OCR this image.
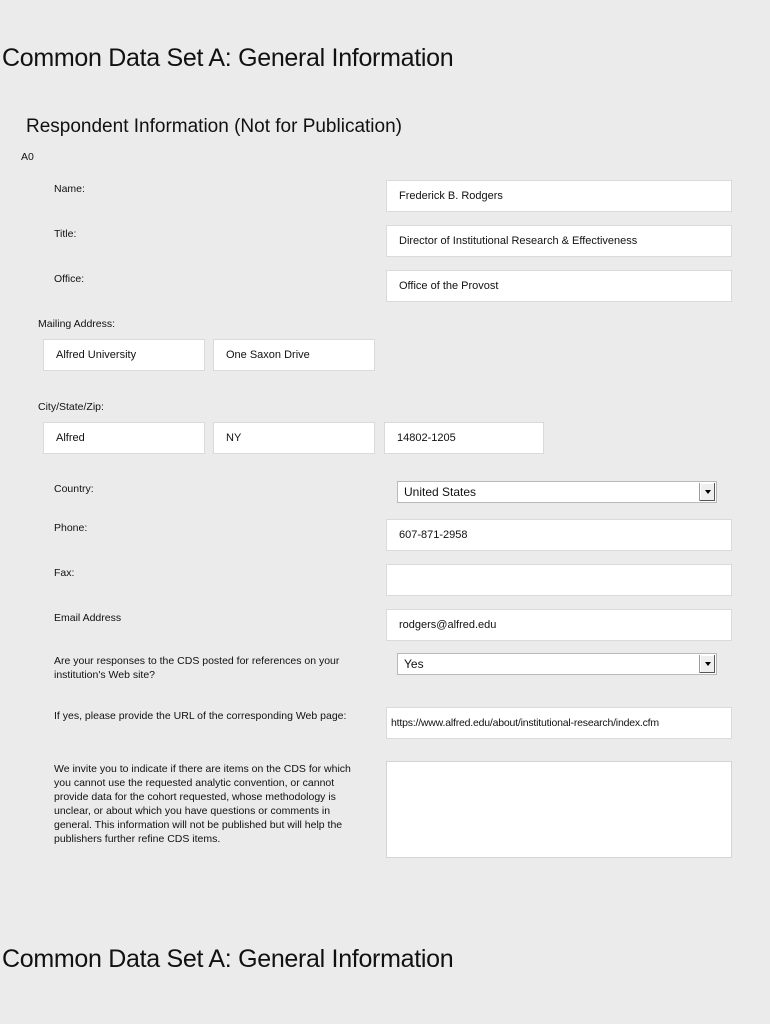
Common Data Set A: General Information
Respondent Information (Not for Publication)
A0
Name:
Frederick B. Rodgers
Title:
Director of Institutional Research & Effectiveness
Office:
Office of the Provost
Mailing Address:
Alfred University	One Saxon Drive
City/State/Zip:
Alfred	NY	14802-1205
Country:	United States
Phone:
607-871-2958
Fax:
Email Address
rodgers@alfred.edu
Are your responses to the CDS posted for references on your institution's Web site?
Yes
If yes, please provide the URL of the corresponding Web page:
https://www.alfred.edu/about/institutional-research/index.cfm
We invite you to indicate if there are items on the CDS for which you cannot use the requested analytic convention, or cannot provide data for the cohort requested, whose methodology is unclear, or about which you have questions or comments in general. This information will not be published but will help the publishers further refine CDS items.
Common Data Set A: General Information
